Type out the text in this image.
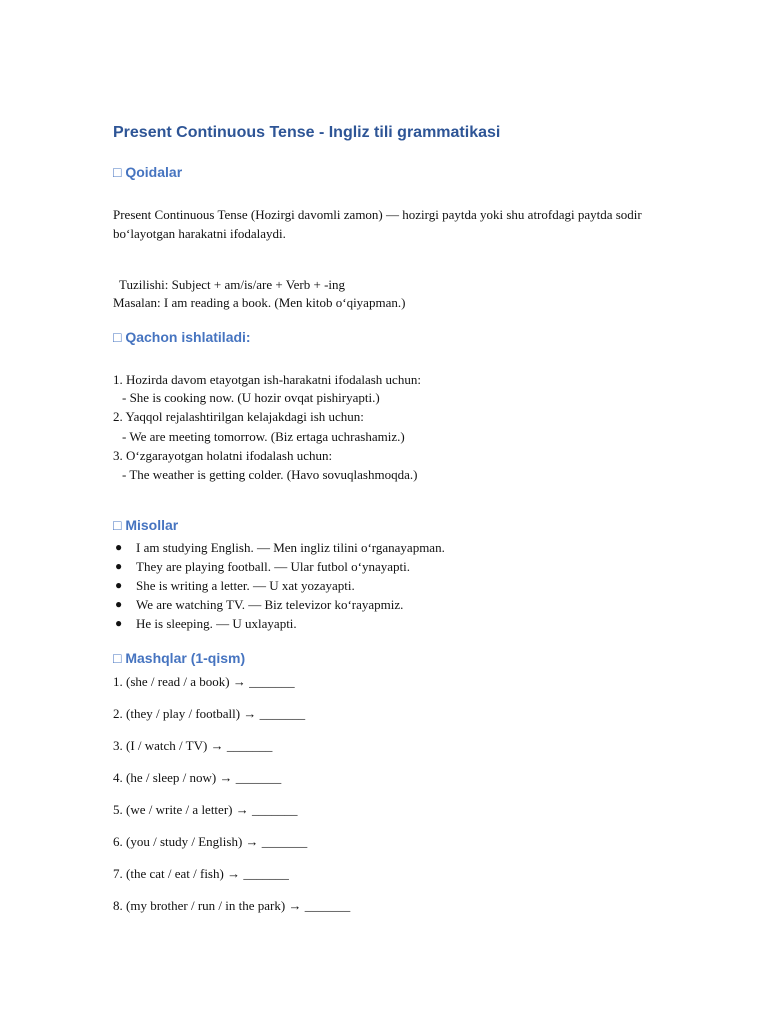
Present Continuous Tense - Ingliz tili grammatikasi
□ Qoidalar
Present Continuous Tense (Hozirgi davomli zamon) — hozirgi paytda yoki shu atrofdagi paytda sodir bo‘layotgan harakatni ifodalaydi.
Tuzilishi: Subject + am/is/are + Verb + -ing
Masalan: I am reading a book. (Men kitob o‘qiyapman.)
□ Qachon ishlatiladi:
1. Hozirda davom etayotgan ish-harakatni ifodalash uchun:
- She is cooking now. (U hozir ovqat pishiryapti.)
2. Yaqqol rejalashtirilgan kelajakdagi ish uchun:
- We are meeting tomorrow. (Biz ertaga uchrashamiz.)
3. O‘zgarayotgan holatni ifodalash uchun:
- The weather is getting colder. (Havo sovuqlashmoqda.)
□ Misollar
● I am studying English. — Men ingliz tilini o‘rganayapman.
● They are playing football. — Ular futbol o‘ynayapti.
● She is writing a letter. — U xat yozayapti.
● We are watching TV. — Biz televizor ko‘rayapmiz.
● He is sleeping. — U uxlayapti.
□ Mashqlar (1-qism)
1. (she / read / a book) → _______
2. (they / play / football) → _______
3. (I / watch / TV) → _______
4. (he / sleep / now) → _______
5. (we / write / a letter) → _______
6. (you / study / English) → _______
7. (the cat / eat / fish) → _______
8. (my brother / run / in the park) → _______
